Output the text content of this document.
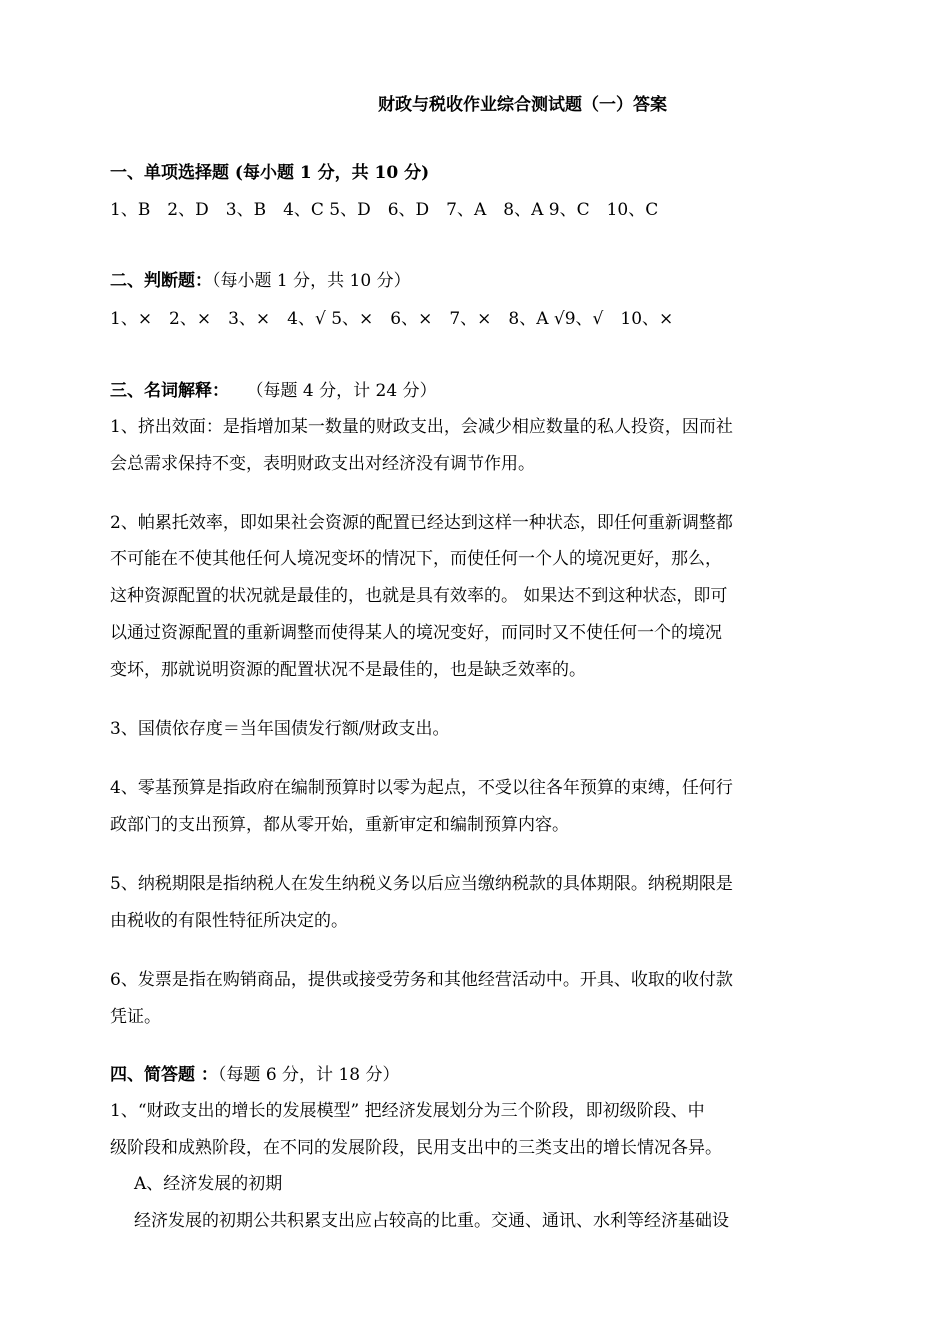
财政与税收作业综合测试题（一）答案
一、单项选择题 (每小题 1 分，共 10 分)
1、B　2、D　3、B　4、C 5、D　6、D　7、A　8、A 9、C　10、C
二、判断题：（每小题 1 分，共 10 分）
1、×　2、×　3、×　4、√ 5、×　6、×　7、×　8、A √9、√　10、×
三、名词解释： （每题 4 分，计 24 分）
1、挤出效面：是指增加某一数量的财政支出，会减少相应数量的私人投资，因而社
会总需求保持不变，表明财政支出对经济没有调节作用。
2、帕累托效率，即如果社会资源的配置已经达到这样一种状态，即任何重新调整都
不可能在不使其他任何人境况变坏的情况下，而使任何一个人的境况更好，那么，
这种资源配置的状况就是最佳的，也就是具有效率的。 如果达不到这种状态，即可
以通过资源配置的重新调整而使得某人的境况变好，而同时又不使任何一个的境况
变坏，那就说明资源的配置状况不是最佳的，也是缺乏效率的。
3、国债依存度＝当年国债发行额/财政支出。
4、零基预算是指政府在编制预算时以零为起点，不受以往各年预算的束缚，任何行
政部门的支出预算，都从零开始，重新审定和编制预算内容。
5、纳税期限是指纳税人在发生纳税义务以后应当缴纳税款的具体期限。纳税期限是
由税收的有限性特征所决定的。
6、发票是指在购销商品，提供或接受劳务和其他经营活动中。开具、收取的收付款
凭证。
四、简答题 ：（每题 6 分，计 18 分）
1、“财政支出的增长的发展模型” 把经济发展划分为三个阶段，即初级阶段、中
级阶段和成熟阶段，在不同的发展阶段，民用支出中的三类支出的增长情况各异。
A、经济发展的初期
经济发展的初期公共积累支出应占较高的比重。交通、通讯、水利等经济基础设
